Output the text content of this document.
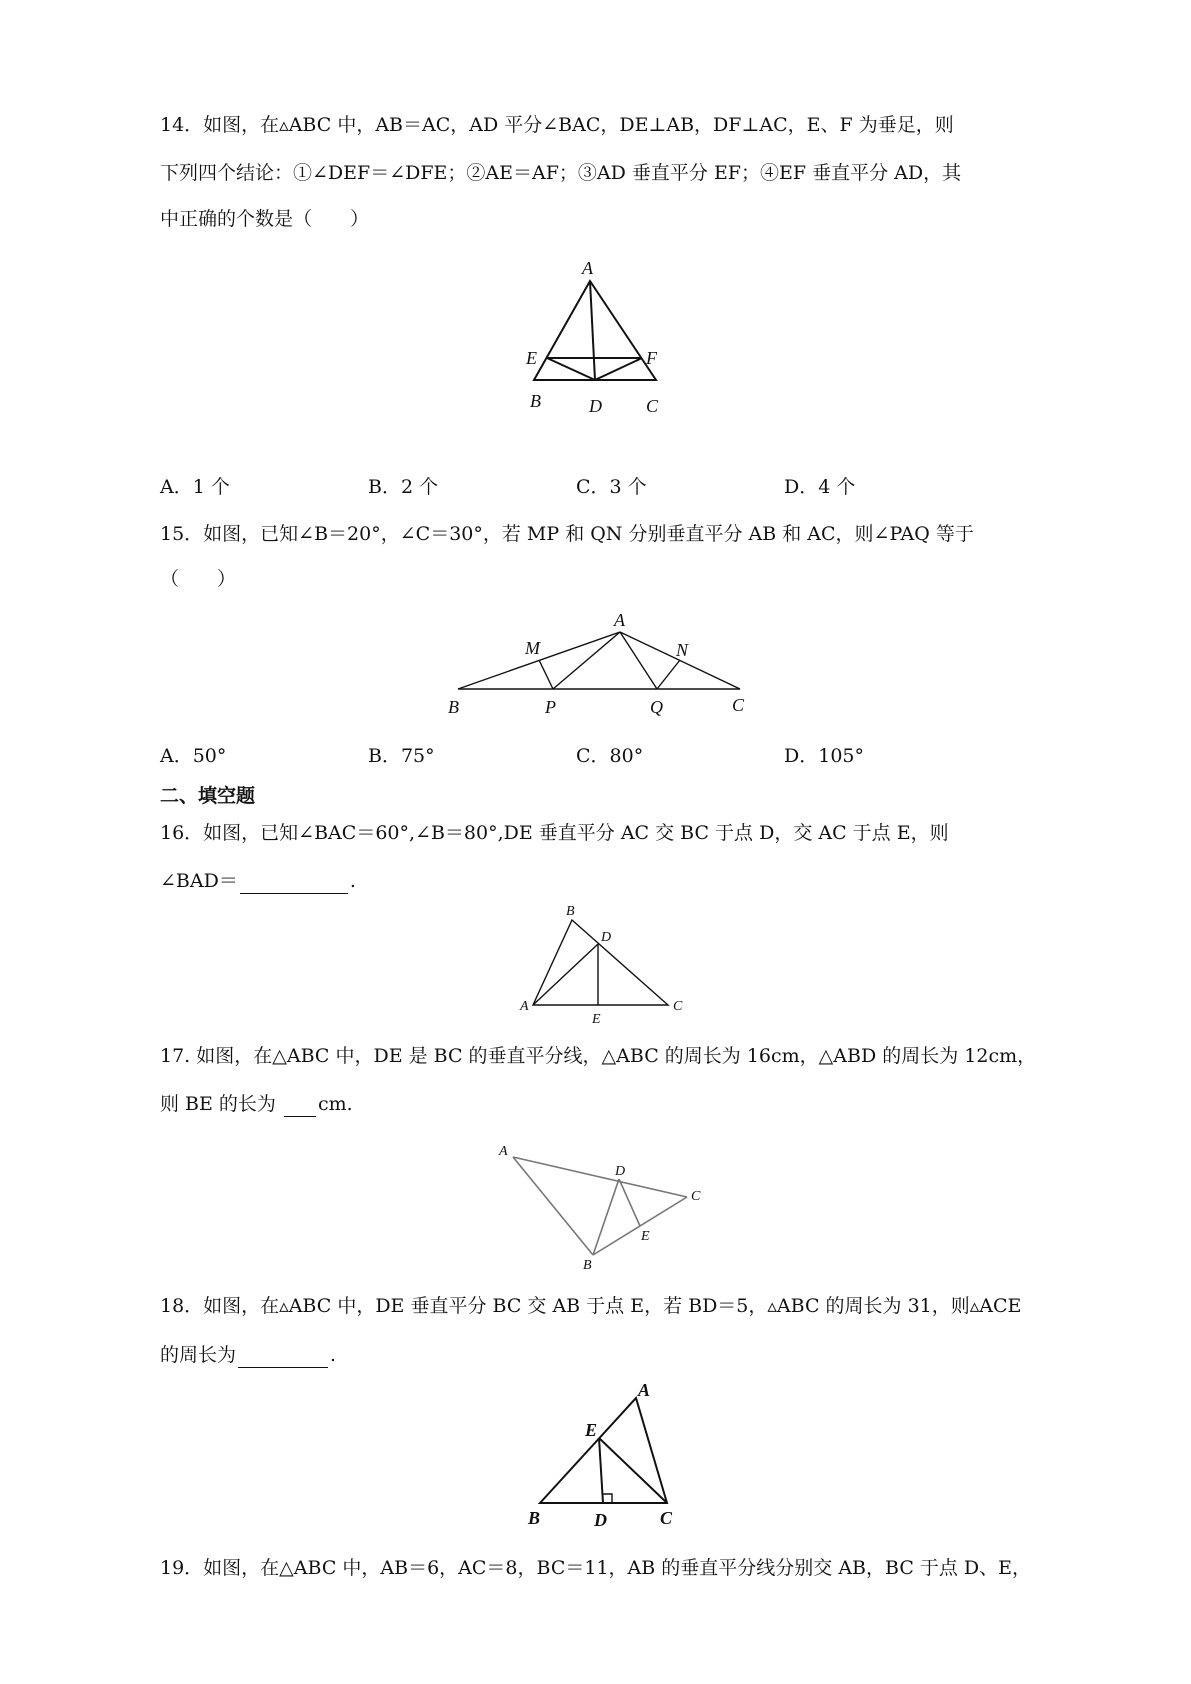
14．如图，在▵ABC 中，AB＝AC，AD 平分∠BAC，DE⊥AB，DF⊥AC，E、F 为垂足，则
下列四个结论：①∠DEF＝∠DFE；②AE＝AF；③AD 垂直平分 EF；④EF 垂直平分 AD，其
中正确的个数是（　　）
A
E	F
B	D C
A．1 个	B．2 个	C．3 个	D．4 个
15．如图，已知∠B＝20°，∠C＝30°，若 MP 和 QN 分别垂直平分 AB 和 AC，则∠PAQ 等于
（　　）
A
M	N
B	P	Q	C
A．50°	B．75°	C．80°	D．105°
二、填空题
16．如图，已知∠BAC＝60°,∠B＝80°,DE 垂直平分 AC 交 BC 于点 D，交 AC 于点 E，则
∠BAD＝	.
B
D
A
E
C
17. 如图，在△ABC 中，DE 是 BC 的垂直平分线，△ABC 的周长为 16cm，△ABD 的周长为 12cm，
则 BE 的长为 cm.
A
D
C
E
B
18．如图，在▵ABC 中，DE 垂直平分 BC 交 AB 于点 E，若 BD＝5，▵ABC 的周长为 31，则▵ACE
的周长为	.
A
E
B	D	C
19．如图，在△ABC 中，AB＝6，AC＝8，BC＝11，AB 的垂直平分线分别交 AB，BC 于点 D、E，
